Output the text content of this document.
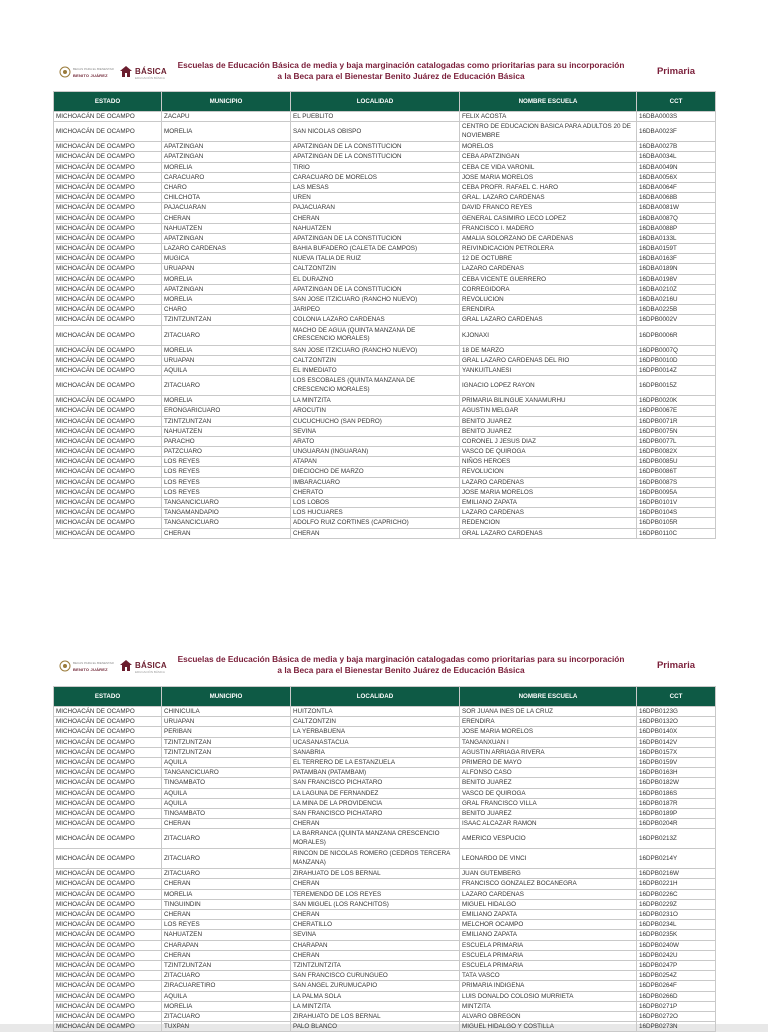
BECAS PARA EL BIENESTAR
BENITO JUÁREZ	BÁSICA
EDUCACIÓN BÁSICA
Escuelas de Educación Básica de media y baja marginación catalogadas como prioritarias para su incorporación
a la Beca para el Bienestar Benito Juárez de Educación Básica	Primaria
ESTADO	MUNICIPIO	LOCALIDAD	NOMBRE ESCUELA	CCT
MICHOACÁN DE OCAMPO	ZACAPU	EL PUEBLITO	FELIX ACOSTA	16DBA0003S
MICHOACÁN DE OCAMPO	MORELIA	SAN NICOLAS OBISPO	CENTRO DE EDUCACION BASICA PARA ADULTOS 20 DE NOVIEMBRE	16DBA0023F
MICHOACÁN DE OCAMPO	APATZINGAN	APATZINGAN DE LA CONSTITUCION	MORELOS	16DBA0027B
MICHOACÁN DE OCAMPO	APATZINGAN	APATZINGAN DE LA CONSTITUCION	CEBA APATZINGAN	16DBA0034L
MICHOACÁN DE OCAMPO	MORELIA	TIRIO	CEBA CE VIDA VARONIL	16DBA0049N
MICHOACÁN DE OCAMPO	CARACUARO	CARACUARO DE MORELOS	JOSE MARIA MORELOS	16DBA0056X
MICHOACÁN DE OCAMPO	CHARO	LAS MESAS	CEBA PROFR. RAFAEL C. HARO	16DBA0064F
MICHOACÁN DE OCAMPO	CHILCHOTA	UREN	GRAL. LAZARO CARDENAS	16DBA0068B
MICHOACÁN DE OCAMPO	PAJACUARAN	PAJACUARAN	DAVID FRANCO REYES	16DBA0081W
MICHOACÁN DE OCAMPO	CHERAN	CHERAN	GENERAL CASIMIRO LECO LOPEZ	16DBA0087Q
MICHOACÁN DE OCAMPO	NAHUATZEN	NAHUATZEN	FRANCISCO I. MADERO	16DBA0088P
MICHOACÁN DE OCAMPO	APATZINGAN	APATZINGAN DE LA CONSTITUCION	AMALIA SOLORZANO DE CARDENAS	16DBA0133L
MICHOACÁN DE OCAMPO	LAZARO CARDENAS	BAHIA BUFADERO (CALETA DE CAMPOS)	REIVINDICACION PETROLERA	16DBA0159T
MICHOACÁN DE OCAMPO	MUGICA	NUEVA ITALIA DE RUIZ	12 DE OCTUBRE	16DBA0163F
MICHOACÁN DE OCAMPO	URUAPAN	CALTZONTZIN	LAZARO CARDENAS	16DBA0189N
MICHOACÁN DE OCAMPO	MORELIA	EL DURAZNO	CEBA VICENTE GUERRERO	16DBA0198V
MICHOACÁN DE OCAMPO	APATZINGAN	APATZINGAN DE LA CONSTITUCION	CORREGIDORA	16DBA0210Z
MICHOACÁN DE OCAMPO	MORELIA	SAN JOSE ITZICUARO (RANCHO NUEVO)	REVOLUCION	16DBA0216U
MICHOACÁN DE OCAMPO	CHARO	JARIPEO	ERENDIRA	16DBA0225B
MICHOACÁN DE OCAMPO	TZINTZUNTZAN	COLONIA LAZARO CARDENAS	GRAL LAZARO CARDENAS	16DPB0002V
MICHOACÁN DE OCAMPO	ZITACUARO	MACHO DE AGUA (QUINTA MANZANA DE CRESCENCIO MORALES)	KJONAXI	16DPB0006R
MICHOACÁN DE OCAMPO	MORELIA	SAN JOSE ITZICUARO (RANCHO NUEVO)	18 DE MARZO	16DPB0007Q
MICHOACÁN DE OCAMPO	URUAPAN	CALTZONTZIN	GRAL LAZARO CARDENAS DEL RIO	16DPB0010D
MICHOACÁN DE OCAMPO	AQUILA	EL INMEDIATO	YANKUITLANESI	16DPB0014Z
MICHOACÁN DE OCAMPO	ZITACUARO	LOS ESCOBALES (QUINTA MANZANA DE CRESCENCIO MORALES)	IGNACIO LOPEZ RAYON	16DPB0015Z
MICHOACÁN DE OCAMPO	MORELIA	LA MINTZITA	PRIMARIA BILINGUE XANAMURHU	16DPB0020K
MICHOACÁN DE OCAMPO	ERONGARICUARO	AROCUTIN	AGUSTIN MELGAR	16DPB0067E
MICHOACÁN DE OCAMPO	TZINTZUNTZAN	CUCUCHUCHO (SAN PEDRO)	BENITO JUAREZ	16DPB0071R
MICHOACÁN DE OCAMPO	NAHUATZEN	SEVINA	BENITO JUAREZ	16DPB0075N
MICHOACÁN DE OCAMPO	PARACHO	ARATO	CORONEL J JESUS DIAZ	16DPB0077L
MICHOACÁN DE OCAMPO	PATZCUARO	UNGUARAN (INGUARAN)	VASCO DE QUIROGA	16DPB0082X
MICHOACÁN DE OCAMPO	LOS REYES	ATAPAN	NIÑOS HEROES	16DPB0085U
MICHOACÁN DE OCAMPO	LOS REYES	DIECIOCHO DE MARZO	REVOLUCION	16DPB0086T
MICHOACÁN DE OCAMPO	LOS REYES	IMBARACUARO	LAZARO CARDENAS	16DPB0087S
MICHOACÁN DE OCAMPO	LOS REYES	CHERATO	JOSE MARIA MORELOS	16DPB0095A
MICHOACÁN DE OCAMPO	TANGANCICUARO	LOS LOBOS	EMILIANO ZAPATA	16DPB0101V
MICHOACÁN DE OCAMPO	TANGAMANDAPIO	LOS HUCUARES	LAZARO CARDENAS	16DPB0104S
MICHOACÁN DE OCAMPO	TANGANCICUARO	ADOLFO RUIZ CORTINES (CAPRICHO)	REDENCION	16DPB0105R
MICHOACÁN DE OCAMPO	CHERAN	CHERAN	GRAL LAZARO CARDENAS	16DPB0110C
BECAS PARA EL BIENESTAR
BENITO JUÁREZ	BÁSICA
EDUCACIÓN BÁSICA
Escuelas de Educación Básica de media y baja marginación catalogadas como prioritarias para su incorporación
a la Beca para el Bienestar Benito Juárez de Educación Básica	Primaria
ESTADO	MUNICIPIO	LOCALIDAD	NOMBRE ESCUELA	CCT
MICHOACÁN DE OCAMPO	CHINICUILA	HUITZONTLA	SOR JUANA INES DE LA CRUZ	16DPB0123G
MICHOACÁN DE OCAMPO	URUAPAN	CALTZONTZIN	ERENDIRA	16DPB0132O
MICHOACÁN DE OCAMPO	PERIBAN	LA YERBABUENA	JOSE MARIA MORELOS	16DPB0140X
MICHOACÁN DE OCAMPO	TZINTZUNTZAN	UCASANASTACUA	TANGANXUAN I	16DPB0142V
MICHOACÁN DE OCAMPO	TZINTZUNTZAN	SANABRIA	AGUSTIN ARRIAGA RIVERA	16DPB0157X
MICHOACÁN DE OCAMPO	AQUILA	EL TERRERO DE LA ESTANZUELA	PRIMERO DE MAYO	16DPB0159V
MICHOACÁN DE OCAMPO	TANGANCICUARO	PATAMBAN (PATAMBAM)	ALFONSO CASO	16DPB0163H
MICHOACÁN DE OCAMPO	TINGAMBATO	SAN FRANCISCO PICHATARO	BENITO JUAREZ	16DPB0182W
MICHOACÁN DE OCAMPO	AQUILA	LA LAGUNA DE FERNANDEZ	VASCO DE QUIROGA	16DPB0186S
MICHOACÁN DE OCAMPO	AQUILA	LA MINA DE LA PROVIDENCIA	GRAL FRANCISCO VILLA	16DPB0187R
MICHOACÁN DE OCAMPO	TINGAMBATO	SAN FRANCISCO PICHATARO	BENITO JUAREZ	16DPB0189P
MICHOACÁN DE OCAMPO	CHERAN	CHERAN	ISAAC ALCAZAR RAMON	16DPB0204R
MICHOACÁN DE OCAMPO	ZITACUARO	LA BARRANCA (QUINTA MANZANA CRESCENCIO MORALES)	AMERICO VESPUCIO	16DPB0213Z
MICHOACÁN DE OCAMPO	ZITACUARO	RINCON DE NICOLAS ROMERO (CEDROS TERCERA MANZANA)	LEONARDO DE VINCI	16DPB0214Y
MICHOACÁN DE OCAMPO	ZITACUARO	ZIRAHUATO DE LOS BERNAL	JUAN GUTEMBERG	16DPB0216W
MICHOACÁN DE OCAMPO	CHERAN	CHERAN	FRANCISCO GONZALEZ BOCANEGRA	16DPB0221H
MICHOACÁN DE OCAMPO	MORELIA	TEREMENDO DE LOS REYES	LAZARO CARDENAS	16DPB0226C
MICHOACÁN DE OCAMPO	TINGUINDIN	SAN MIGUEL (LOS RANCHITOS)	MIGUEL HIDALGO	16DPB0229Z
MICHOACÁN DE OCAMPO	CHERAN	CHERAN	EMILIANO ZAPATA	16DPB0231O
MICHOACÁN DE OCAMPO	LOS REYES	CHERATILLO	MELCHOR OCAMPO	16DPB0234L
MICHOACÁN DE OCAMPO	NAHUATZEN	SEVINA	EMILIANO ZAPATA	16DPB0235K
MICHOACÁN DE OCAMPO	CHARAPAN	CHARAPAN	ESCUELA PRIMARIA	16DPB0240W
MICHOACÁN DE OCAMPO	CHERAN	CHERAN	ESCUELA PRIMARIA	16DPB0242U
MICHOACÁN DE OCAMPO	TZINTZUNTZAN	TZINTZUNTZITA	ESCUELA PRIMARIA	16DPB0247P
MICHOACÁN DE OCAMPO	ZITACUARO	SAN FRANCISCO CURUNGUEO	TATA VASCO	16DPB0254Z
MICHOACÁN DE OCAMPO	ZIRACUARETIRO	SAN ANGEL ZURUMUCAPIO	PRIMARIA INDIGENA	16DPB0264F
MICHOACÁN DE OCAMPO	AQUILA	LA PALMA SOLA	LUIS DONALDO COLOSIO MURRIETA	16DPB0266D
MICHOACÁN DE OCAMPO	MORELIA	LA MINTZITA	MINTZITA	16DPB0271P
MICHOACÁN DE OCAMPO	ZITACUARO	ZIRAHUATO DE LOS BERNAL	ALVARO OBREGON	16DPB0272O
MICHOACÁN DE OCAMPO	TUXPAN	PALO BLANCO	MIGUEL HIDALGO Y COSTILLA	16DPB0273N
